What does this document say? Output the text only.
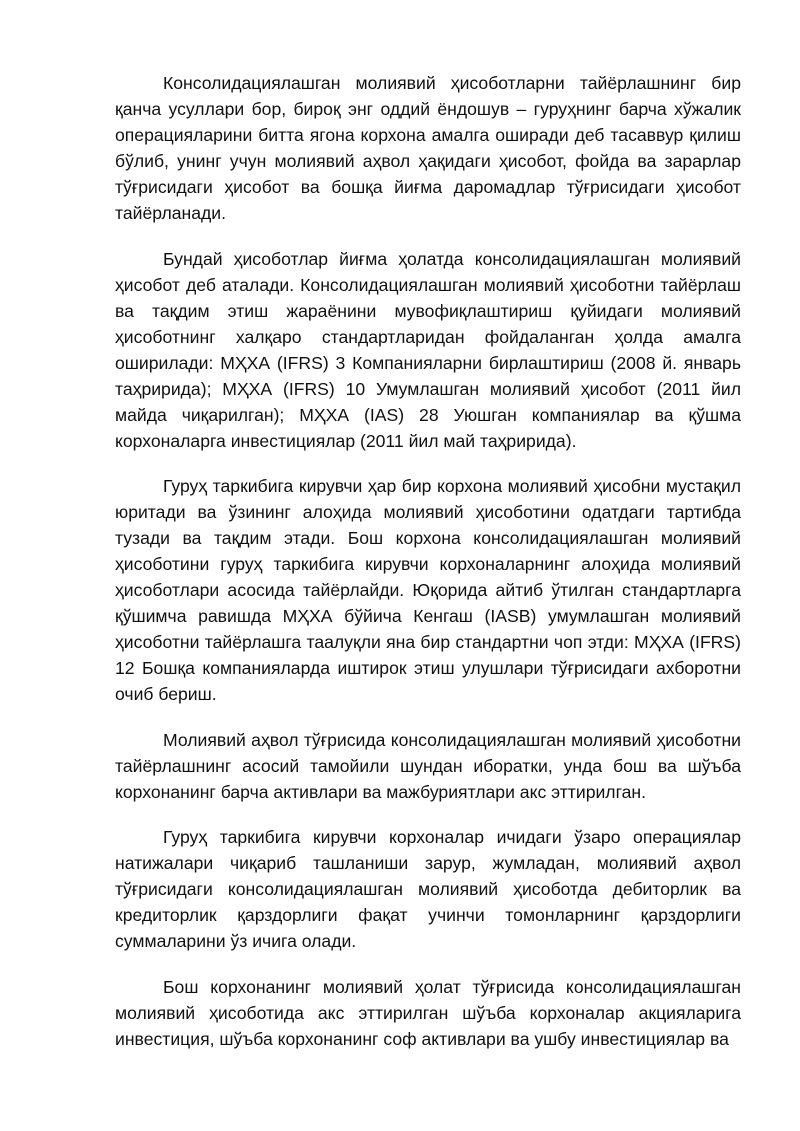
Консолидациялашган молиявий ҳисоботларни тайёрлашнинг бир қанча усуллари бор, бироқ энг оддий ёндошув – гуруҳнинг барча хўжалик операцияларини битта ягона корхона амалга оширади деб тасаввур қилиш бўлиб, унинг учун молиявий аҳвол ҳақидаги ҳисобот, фойда ва зарарлар тўғрисидаги ҳисобот ва бошқа йиғма даромадлар тўғрисидаги ҳисобот тайёрланади.

Бундай ҳисоботлар йиғма ҳолатда консолидациялашган молиявий ҳисобот деб аталади. Консолидациялашган молиявий ҳисоботни тайёрлаш ва тақдим этиш жараёнини мувофиқлаштириш қуйидаги молиявий ҳисоботнинг халқаро стандартларидан фойдаланган ҳолда амалга оширилади: МҲХА (IFRS) 3 Компанияларни бирлаштириш (2008 й. январь таҳририда); МҲХА (IFRS) 10 Умумлашган молиявий ҳисобот (2011 йил майда чиқарилган); МҲХА (IAS) 28 Уюшган компаниялар ва қўшма корхоналарга инвестициялар (2011 йил май таҳририда).

Гуруҳ таркибига кирувчи ҳар бир корхона молиявий ҳисобни мустақил юритади ва ўзининг алоҳида молиявий ҳисоботини одатдаги тартибда тузади ва тақдим этади. Бош корхона консолидациялашган молиявий ҳисоботини гуруҳ таркибига кирувчи корхоналарнинг алоҳида молиявий ҳисоботлари асосида тайёрлайди. Юқорида айтиб ўтилган стандартларга қўшимча равишда МҲХА бўйича Кенгаш (IASB) умумлашган молиявий ҳисоботни тайёрлашга таалуқли яна бир стандартни чоп этди: МҲХА (IFRS) 12 Бошқа компанияларда иштирок этиш улушлари тўғрисидаги ахборотни очиб бериш.

Молиявий аҳвол тўғрисида консолидациялашган молиявий ҳисоботни тайёрлашнинг асосий тамойили шундан иборатки, унда бош ва шўъба корхонанинг барча активлари ва мажбуриятлари акс эттирилган.

Гуруҳ таркибига кирувчи корхоналар ичидаги ўзаро операциялар натижалари чиқариб ташланиши зарур, жумладан, молиявий аҳвол тўғрисидаги консолидациялашган молиявий ҳисоботда дебиторлик ва кредиторлик қарздорлиги фақат учинчи томонларнинг қарздорлиги суммаларини ўз ичига олади.

Бош корхонанинг молиявий ҳолат тўғрисида консолидациялашган молиявий ҳисоботида акс эттирилган шўъба корхоналар акцияларига инвестиция, шўъба корхонанинг соф активлари ва ушбу инвестициялар ва
